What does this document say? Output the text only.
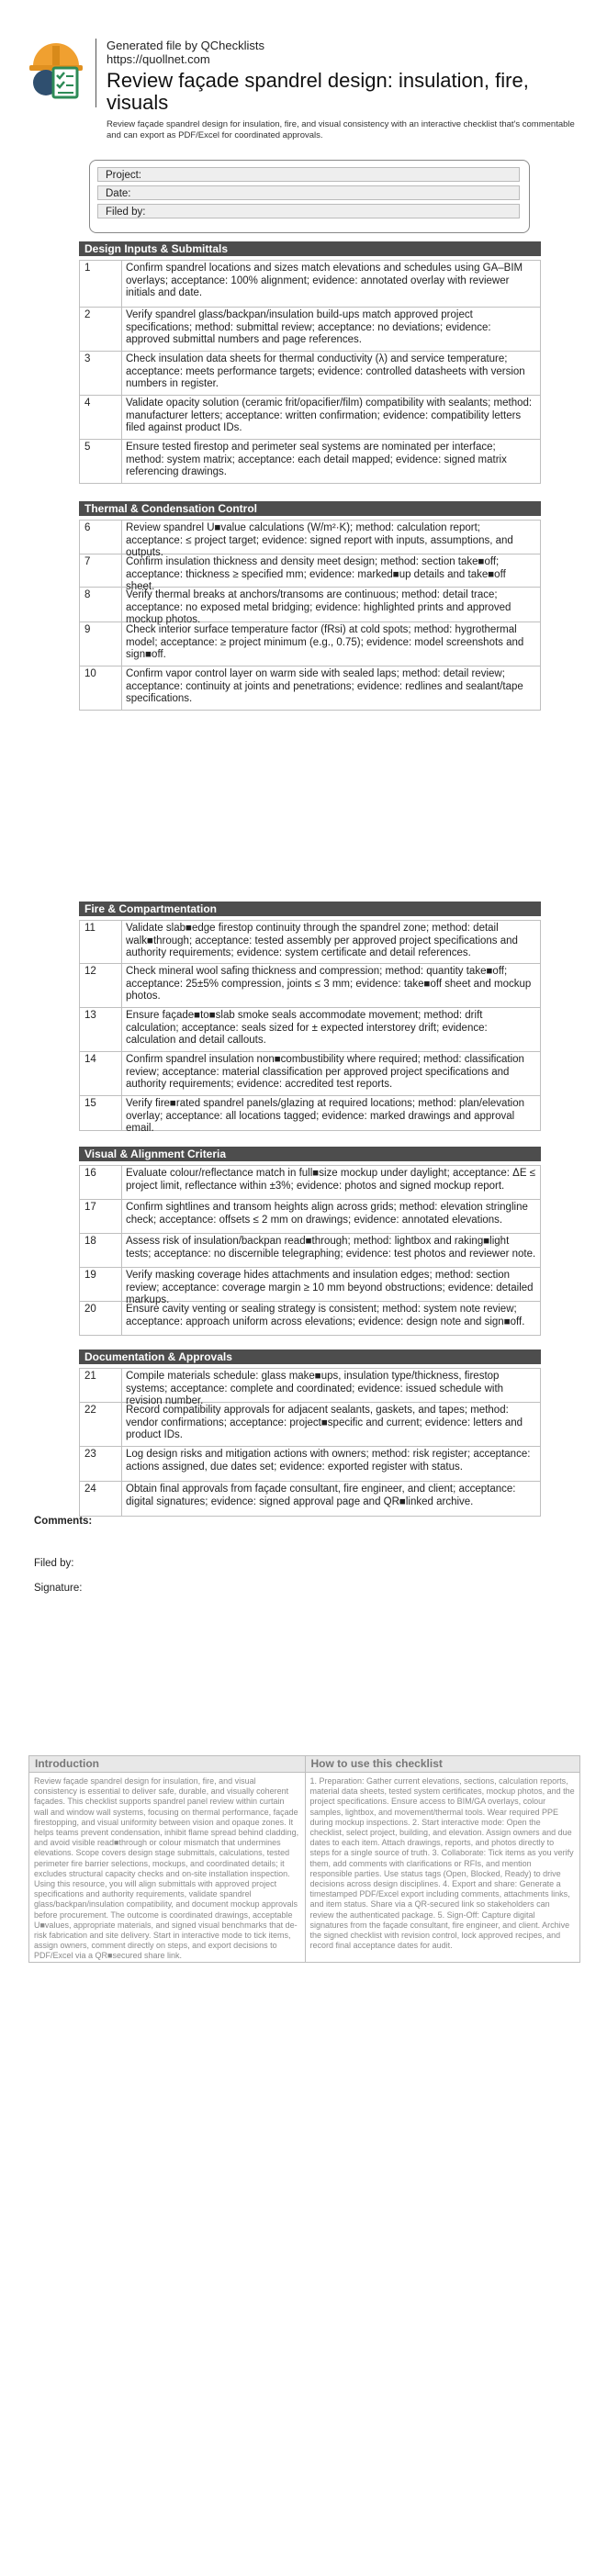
Generated file by QChecklists
https://quollnet.com
Review façade spandrel design: insulation, fire, visuals
Review façade spandrel design for insulation, fire, and visual consistency with an interactive checklist that's commentable and can export as PDF/Excel for coordinated approvals.
Project:
Date:
Filed by:
Design Inputs & Submittals
1	Confirm spandrel locations and sizes match elevations and schedules using GA–BIM overlays; acceptance: 100% alignment; evidence: annotated overlay with reviewer initials and date.
2	Verify spandrel glass/backpan/insulation build-ups match approved project specifications; method: submittal review; acceptance: no deviations; evidence: approved submittal numbers and page references.
3	Check insulation data sheets for thermal conductivity (λ) and service temperature; acceptance: meets performance targets; evidence: controlled datasheets with version numbers in register.
4	Validate opacity solution (ceramic frit/opacifier/film) compatibility with sealants; method: manufacturer letters; acceptance: written confirmation; evidence: compatibility letters filed against product IDs.
5	Ensure tested firestop and perimeter seal systems are nominated per interface; method: system matrix; acceptance: each detail mapped; evidence: signed matrix referencing drawings.
Thermal & Condensation Control
6	Review spandrel U■value calculations (W/m²·K); method: calculation report; acceptance: ≤ project target; evidence: signed report with inputs, assumptions, and outputs.
7	Confirm insulation thickness and density meet design; method: section take■off; acceptance: thickness ≥ specified mm; evidence: marked■up details and take■off sheet.
8	Verify thermal breaks at anchors/transoms are continuous; method: detail trace; acceptance: no exposed metal bridging; evidence: highlighted prints and approved mockup photos.
9	Check interior surface temperature factor (fRsi) at cold spots; method: hygrothermal model; acceptance: ≥ project minimum (e.g., 0.75); evidence: model screenshots and sign■off.
10	Confirm vapor control layer on warm side with sealed laps; method: detail review; acceptance: continuity at joints and penetrations; evidence: redlines and sealant/tape specifications.
Fire & Compartmentation
11	Validate slab■edge firestop continuity through the spandrel zone; method: detail walk■through; acceptance: tested assembly per approved project specifications and authority requirements; evidence: system certificate and detail references.
12	Check mineral wool safing thickness and compression; method: quantity take■off; acceptance: 25±5% compression, joints ≤ 3 mm; evidence: take■off sheet and mockup photos.
13	Ensure façade■to■slab smoke seals accommodate movement; method: drift calculation; acceptance: seals sized for ± expected interstorey drift; evidence: calculation and detail callouts.
14	Confirm spandrel insulation non■combustibility where required; method: classification review; acceptance: material classification per approved project specifications and authority requirements; evidence: accredited test reports.
15	Verify fire■rated spandrel panels/glazing at required locations; method: plan/elevation overlay; acceptance: all locations tagged; evidence: marked drawings and approval email.
Visual & Alignment Criteria
16	Evaluate colour/reflectance match in full■size mockup under daylight; acceptance: ΔE ≤ project limit, reflectance within ±3%; evidence: photos and signed mockup report.
17	Confirm sightlines and transom heights align across grids; method: elevation stringline check; acceptance: offsets ≤ 2 mm on drawings; evidence: annotated elevations.
18	Assess risk of insulation/backpan read■through; method: lightbox and raking■light tests; acceptance: no discernible telegraphing; evidence: test photos and reviewer note.
19	Verify masking coverage hides attachments and insulation edges; method: section review; acceptance: coverage margin ≥ 10 mm beyond obstructions; evidence: detailed markups.
20	Ensure cavity venting or sealing strategy is consistent; method: system note review; acceptance: approach uniform across elevations; evidence: design note and sign■off.
Documentation & Approvals
21	Compile materials schedule: glass make■ups, insulation type/thickness, firestop systems; acceptance: complete and coordinated; evidence: issued schedule with revision number.
22	Record compatibility approvals for adjacent sealants, gaskets, and tapes; method: vendor confirmations; acceptance: project■specific and current; evidence: letters and product IDs.
23	Log design risks and mitigation actions with owners; method: risk register; acceptance: actions assigned, due dates set; evidence: exported register with status.
24	Obtain final approvals from façade consultant, fire engineer, and client; acceptance: digital signatures; evidence: signed approval page and QR■linked archive.
Comments:
Filed by:
Signature:
Introduction
Review façade spandrel design for insulation, fire, and visual consistency is essential to deliver safe, durable, and visually coherent façades. This checklist supports spandrel panel review within curtain wall and window wall systems, focusing on thermal performance, façade firestopping, and visual uniformity between vision and opaque zones. It helps teams prevent condensation, inhibit flame spread behind cladding, and avoid visible read■through or colour mismatch that undermines elevations. Scope covers design stage submittals, calculations, tested perimeter fire barrier selections, mockups, and coordinated details; it excludes structural capacity checks and on-site installation inspection. Using this resource, you will align submittals with approved project specifications and authority requirements, validate spandrel glass/backpan/insulation compatibility, and document mockup approvals before procurement. The outcome is coordinated drawings, acceptable U■values, appropriate materials, and signed visual benchmarks that de-risk fabrication and site delivery. Start in interactive mode to tick items, assign owners, comment directly on steps, and export decisions to PDF/Excel via a QR■secured share link.
How to use this checklist
1. Preparation: Gather current elevations, sections, calculation reports, material data sheets, tested system certificates, mockup photos, and the project specifications. Ensure access to BIM/GA overlays, colour samples, lightbox, and movement/thermal tools. Wear required PPE during mockup inspections. 2. Start interactive mode: Open the checklist, select project, building, and elevation. Assign owners and due dates to each item. Attach drawings, reports, and photos directly to steps for a single source of truth. 3. Collaborate: Tick items as you verify them, add comments with clarifications or RFIs, and mention responsible parties. Use status tags (Open, Blocked, Ready) to drive decisions across design disciplines. 4. Export and share: Generate a timestamped PDF/Excel export including comments, attachments links, and item status. Share via a QR-secured link so stakeholders can review the authenticated package. 5. Sign-Off: Capture digital signatures from the façade consultant, fire engineer, and client. Archive the signed checklist with revision control, lock approved recipes, and record final acceptance dates for audit.
